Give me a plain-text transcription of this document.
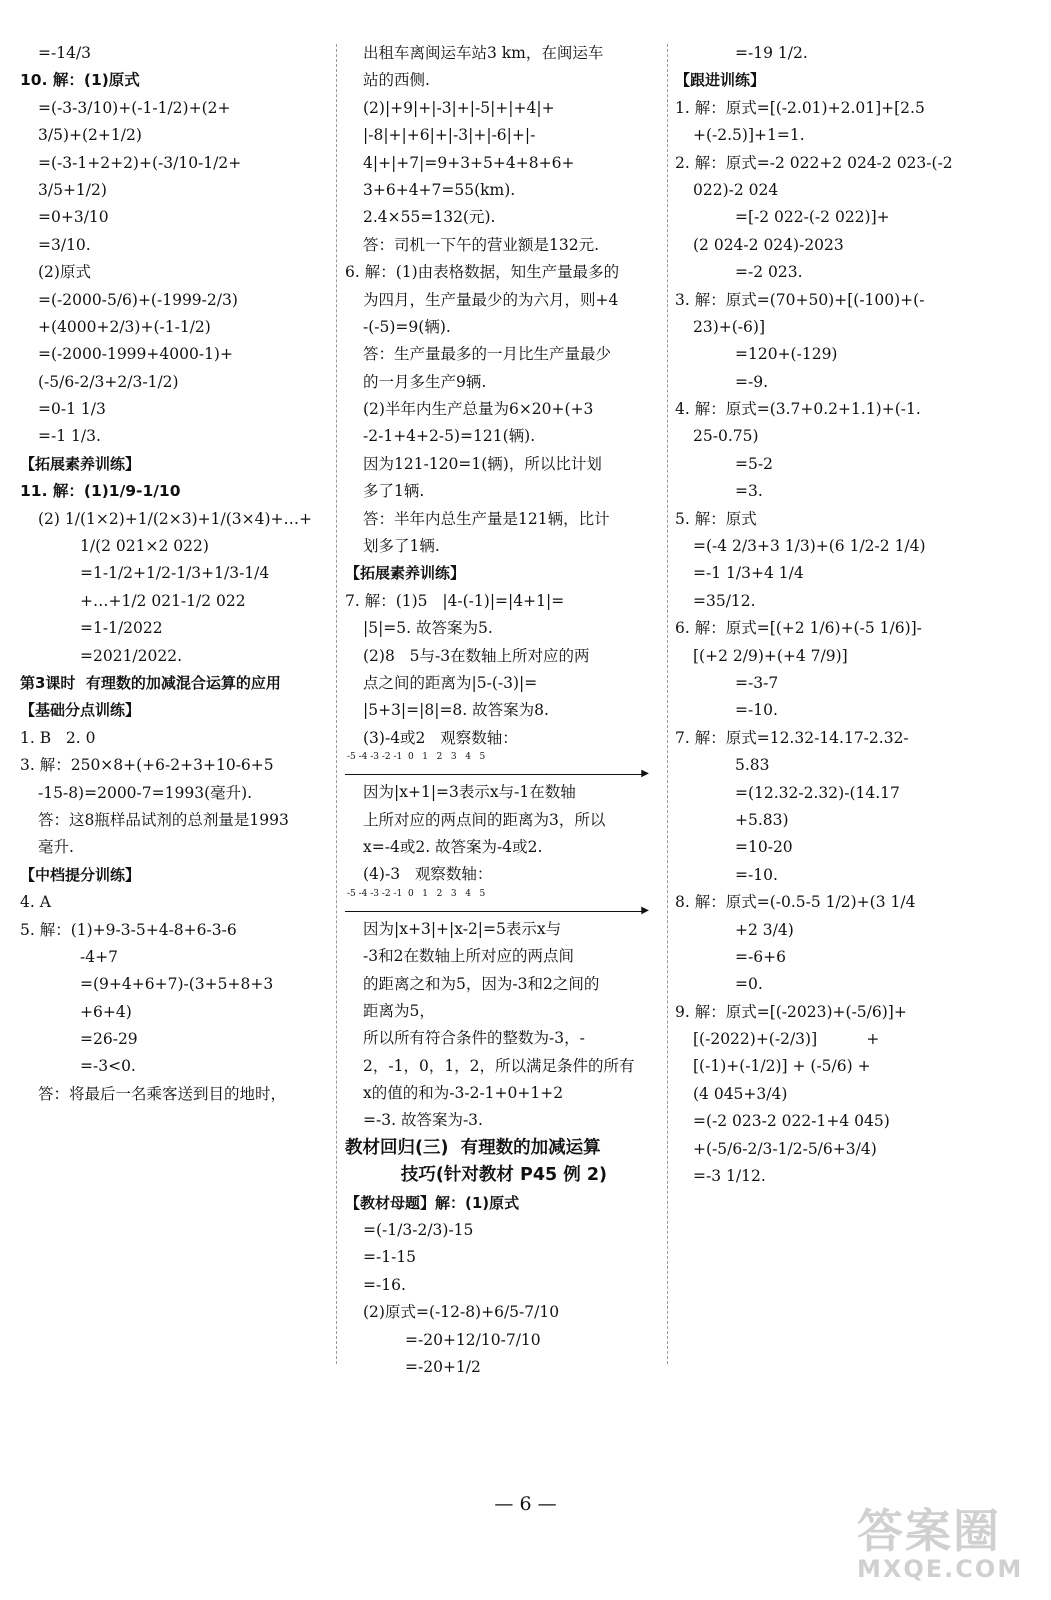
=-14/3
10. 解：(1)原式
=(-3-3/10)+(-1-1/2)+(2+
3/5)+(2+1/2)
=(-3-1+2+2)+(-3/10-1/2+
3/5+1/2)
=0+3/10
=3/10.
(2)原式
=(-2000-5/6)+(-1999-2/3)
+(4000+2/3)+(-1-1/2)
=(-2000-1999+4000-1)+
(-5/6-2/3+2/3-1/2)
=0-1 1/3
=-1 1/3.
【拓展素养训练】
11. 解：(1)1/9-1/10
(2) 1/(1×2)+1/(2×3)+1/(3×4)+…+
1/(2 021×2 022)
=1-1/2+1/2-1/3+1/3-1/4
+…+1/2 021-1/2 022
=1-1/2022
=2021/2022.
第3课时  有理数的加减混合运算的应用
【基础分点训练】
1. B   2. 0
3. 解：250×8+(+6-2+3+10-6+5
-15-8)=2000-7=1993(毫升).
答：这8瓶样品试剂的总剂量是1993
毫升.
【中档提分训练】
4. A
5. 解：(1)+9-3-5+4-8+6-3-6
-4+7
=(9+4+6+7)-(3+5+8+3
+6+4)
=26-29
=-3<0.
答：将最后一名乘客送到目的地时，
出租车离闽运车站3 km，在闽运车
站的西侧.
(2)|+9|+|-3|+|-5|+|+4|+
|-8|+|+6|+|-3|+|-6|+|-
4|+|+7|=9+3+5+4+8+6+
3+6+4+7=55(km).
2.4×55=132(元).
答：司机一下午的营业额是132元.
6. 解：(1)由表格数据，知生产量最多的
为四月，生产量最少的为六月，则+4
-(-5)=9(辆).
答：生产量最多的一月比生产量最少
的一月多生产9辆.
(2)半年内生产总量为6×20+(+3
-2-1+4+2-5)=121(辆).
因为121-120=1(辆)，所以比计划
多了1辆.
答：半年内总生产量是121辆，比计
划多了1辆.
【拓展素养训练】
7. 解：(1)5   |4-(-1)|=|4+1|=
|5|=5. 故答案为5.
(2)8   5与-3在数轴上所对应的两
点之间的距离为|5-(-3)|=
|5+3|=|8|=8. 故答案为8.
(3)-4或2   观察数轴：
-5 -4 -3 -2 -1  0   1   2   3   4   5
▶
因为|x+1|=3表示x与-1在数轴
上所对应的两点间的距离为3，所以
x=-4或2. 故答案为-4或2.
(4)-3   观察数轴：
-5 -4 -3 -2 -1  0   1   2   3   4   5
▶
因为|x+3|+|x-2|=5表示x与
-3和2在数轴上所对应的两点间
的距离之和为5，因为-3和2之间的
距离为5，
所以所有符合条件的整数为-3，-
2，-1，0，1，2，所以满足条件的所有
x的值的和为-3-2-1+0+1+2
=-3. 故答案为-3.
教材回归(三)  有理数的加减运算
技巧(针对教材 P45 例 2)
【教材母题】解：(1)原式
=(-1/3-2/3)-15
=-1-15
=-16.
(2)原式=(-12-8)+6/5-7/10
=-20+12/10-7/10
=-20+1/2
=-19 1/2.
【跟进训练】
1. 解：原式=[(-2.01)+2.01]+[2.5
+(-2.5)]+1=1.
2. 解：原式=-2 022+2 024-2 023-(-2
022)-2 024
=[-2 022-(-2 022)]+
(2 024-2 024)-2023
=-2 023.
3. 解：原式=(70+50)+[(-100)+(-
23)+(-6)]
=120+(-129)
=-9.
4. 解：原式=(3.7+0.2+1.1)+(-1.
25-0.75)
=5-2
=3.
5. 解：原式
=(-4 2/3+3 1/3)+(6 1/2-2 1/4)
=-1 1/3+4 1/4
=35/12.
6. 解：原式=[(+2 1/6)+(-5 1/6)]-
[(+2 2/9)+(+4 7/9)]
=-3-7
=-10.
7. 解：原式=12.32-14.17-2.32-
5.83
=(12.32-2.32)-(14.17
+5.83)
=10-20
=-10.
8. 解：原式=(-0.5-5 1/2)+(3 1/4
+2 3/4)
=-6+6
=0.
9. 解：原式=[(-2023)+(-5/6)]+
[(-2022)+(-2/3)]          +
[(-1)+(-1/2)] + (-5/6) +
(4 045+3/4)
=(-2 023-2 022-1+4 045)
+(-5/6-2/3-1/2-5/6+3/4)
=-3 1/12.
— 6 —	答案圈
MXQE.COM
